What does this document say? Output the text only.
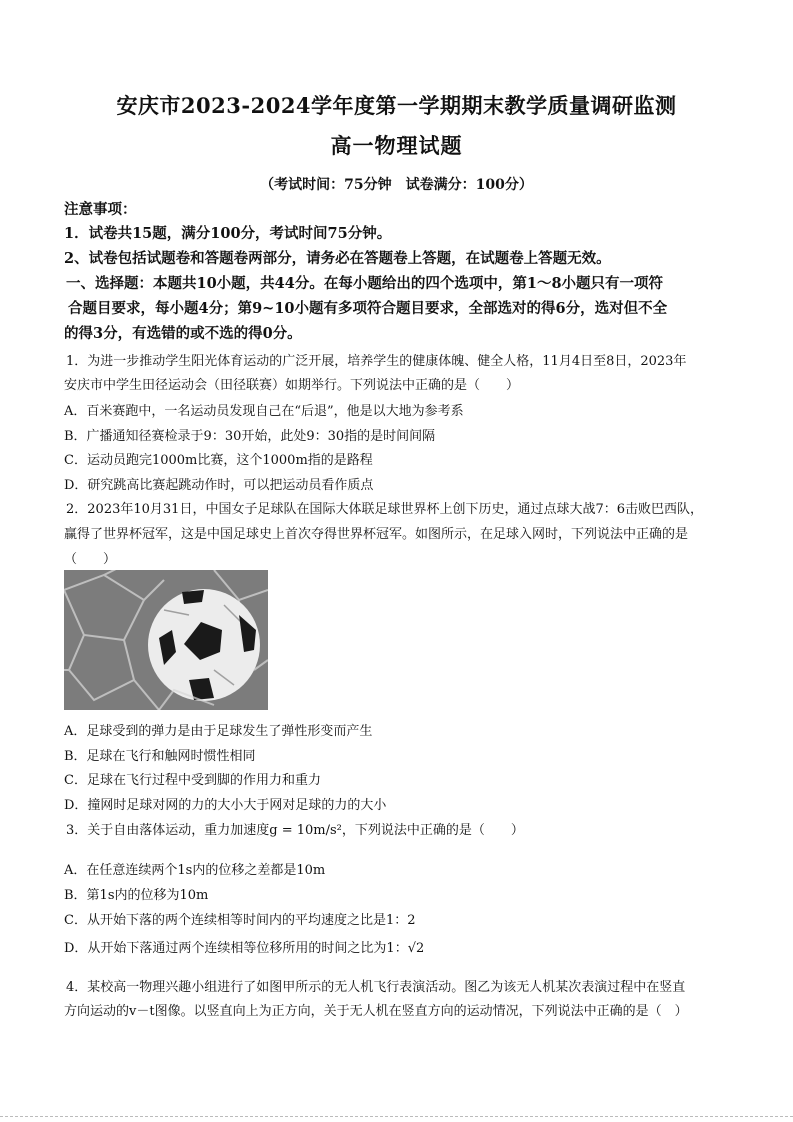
安庆市2023-2024学年度第一学期期末教学质量调研监测
高一物理试题
（考试时间：75分钟　试卷满分：100分）
注意事项：
1．试卷共15题，满分100分，考试时间75分钟。
2、试卷包括试题卷和答题卷两部分，请务必在答题卷上答题，在试题卷上答题无效。
一、选择题：本题共10小题，共44分。在每小题给出的四个选项中，第1～8小题只有一项符
合题目要求，每小题4分；第9~10小题有多项符合题目要求，全部选对的得6分，选对但不全
的得3分，有选错的或不选的得0分。
1．为进一步推动学生阳光体育运动的广泛开展，培养学生的健康体魄、健全人格，11月4日至8日，2023年
安庆市中学生田径运动会（田径联赛）如期举行。下列说法中正确的是（　　）
A．百米赛跑中，一名运动员发现自己在“后退”，他是以大地为参考系
B．广播通知径赛检录于9：30开始，此处9：30指的是时间间隔
C．运动员跑完1000m比赛，这个1000m指的是路程
D．研究跳高比赛起跳动作时，可以把运动员看作质点
2．2023年10月31日，中国女子足球队在国际大体联足球世界杯上创下历史，通过点球大战7：6击败巴西队，
赢得了世界杯冠军，这是中国足球史上首次夺得世界杯冠军。如图所示，在足球入网时，下列说法中正确的是
（　　）
A．足球受到的弹力是由于足球发生了弹性形变而产生
B．足球在飞行和触网时惯性相同
C．足球在飞行过程中受到脚的作用力和重力
D．撞网时足球对网的力的大小大于网对足球的力的大小
3．关于自由落体运动，重力加速度g = 10m/s²，下列说法中正确的是（　　）
A．在任意连续两个1s内的位移之差都是10m
B．第1s内的位移为10m
C．从开始下落的两个连续相等时间内的平均速度之比是1：2
D．从开始下落通过两个连续相等位移所用的时间之比为1：√2
4．某校高一物理兴趣小组进行了如图甲所示的无人机飞行表演活动。图乙为该无人机某次表演过程中在竖直
方向运动的v－t图像。以竖直向上为正方向，关于无人机在竖直方向的运动情况，下列说法中正确的是（　）
